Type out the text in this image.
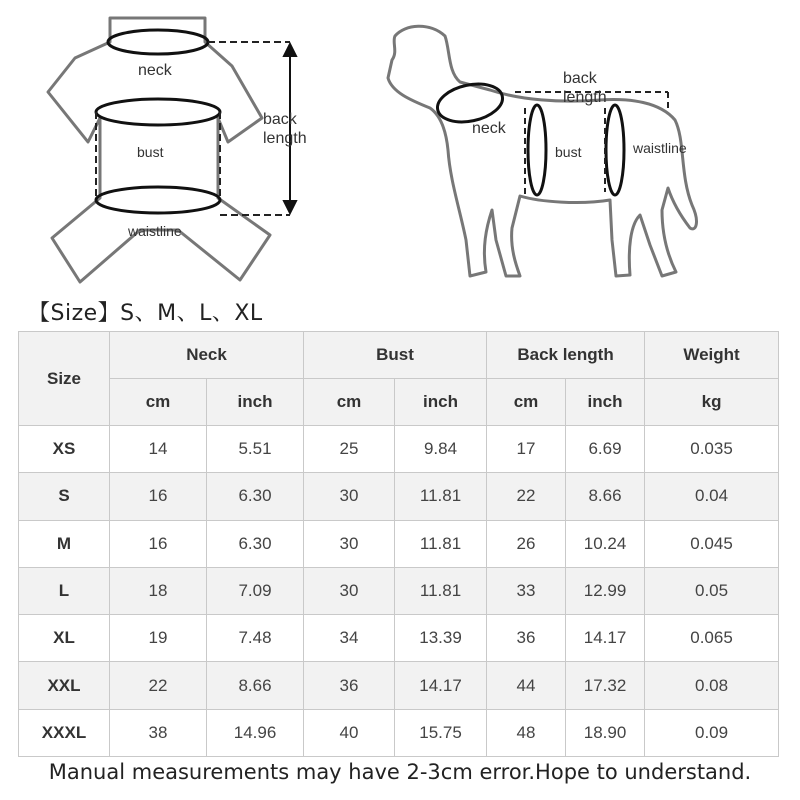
neck
back
length
bust
waistline
back
length
neck
bust	waistline
【Size】S、M、L、XL
Size	Neck		Bust		Back length		Weight
	cm	inch	cm	inch	cm	inch	kg
XS	14	5.51	25	9.84	17	6.69	0.035
S	16	6.30	30	11.81	22	8.66	0.04
M	16	6.30	30	11.81	26	10.24	0.045
L	18	7.09	30	11.81	33	12.99	0.05
XL	19	7.48	34	13.39	36	14.17	0.065
XXL	22	8.66	36	14.17	44	17.32	0.08
XXXL	38	14.96	40	15.75	48	18.90	0.09
Manual measurements may have 2-3cm error.Hope to understand.
